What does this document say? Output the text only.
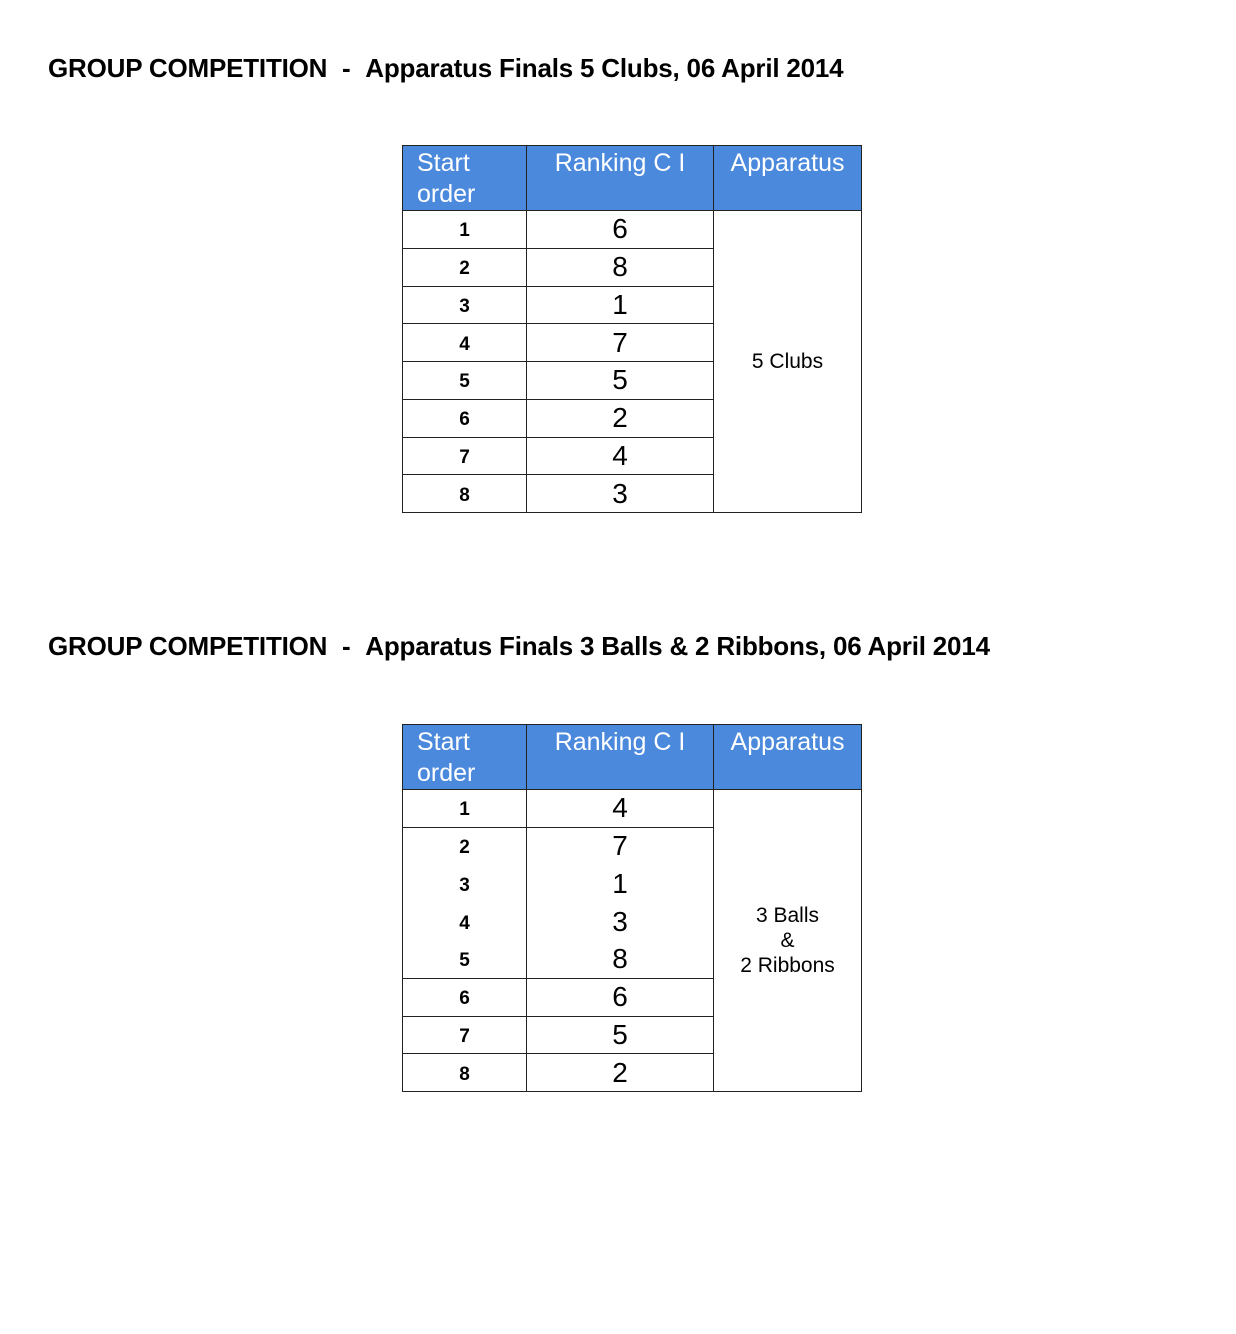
GROUP COMPETITION - Apparatus Finals 5 Clubs, 06 April 2014
Start order	Ranking C I	Apparatus
1	6	5 Clubs

2	8	
3	1	
4	7	
5	5	
6	2	
7	4	
8	3	
GROUP COMPETITION - Apparatus Finals 3 Balls & 2 Ribbons, 06 April 2014
Start order	Ranking C I	Apparatus
1	4	3 Balls
&
2 Ribbons

2	7	
3	1	
4	3	
5	8	
6	6	
7	5	
8	2	
